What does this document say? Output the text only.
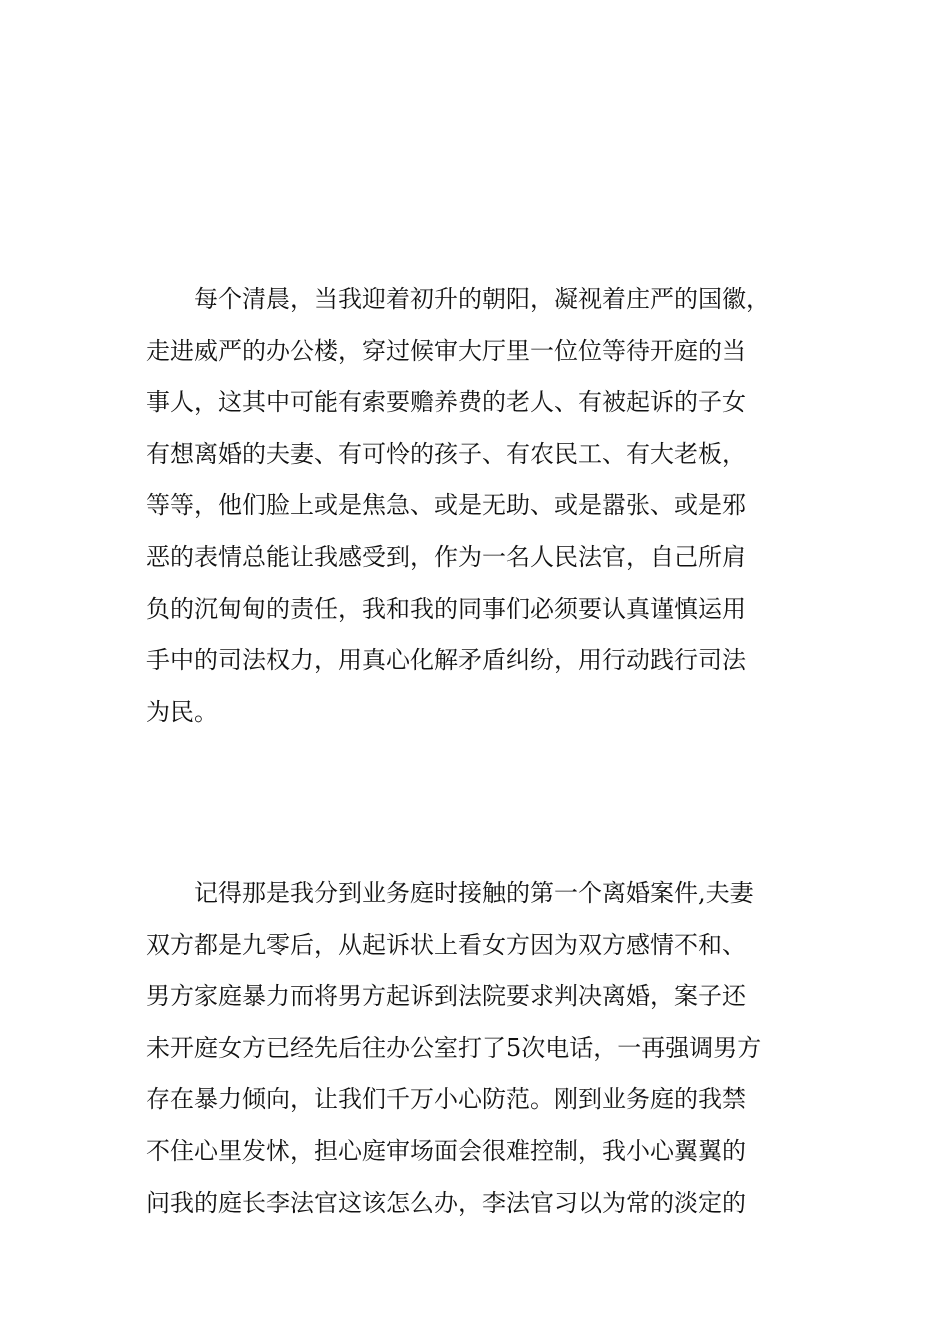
每个清晨，当我迎着初升的朝阳，凝视着庄严的国徽，
走进威严的办公楼，穿过候审大厅里一位位等待开庭的当
事人，这其中可能有索要赡养费的老人、有被起诉的子女
有想离婚的夫妻、有可怜的孩子、有农民工、有大老板，
等等，他们脸上或是焦急、或是无助、或是嚣张、或是邪
恶的表情总能让我感受到，作为一名人民法官，自己所肩
负的沉甸甸的责任，我和我的同事们必须要认真谨慎运用
手中的司法权力，用真心化解矛盾纠纷，用行动践行司法
为民。
记得那是我分到业务庭时接触的第一个离婚案件,夫妻
双方都是九零后，从起诉状上看女方因为双方感情不和、
男方家庭暴力而将男方起诉到法院要求判决离婚，案子还
未开庭女方已经先后往办公室打了5次电话，一再强调男方
存在暴力倾向，让我们千万小心防范。刚到业务庭的我禁
不住心里发怵，担心庭审场面会很难控制，我小心翼翼的
问我的庭长李法官这该怎么办，李法官习以为常的淡定的
